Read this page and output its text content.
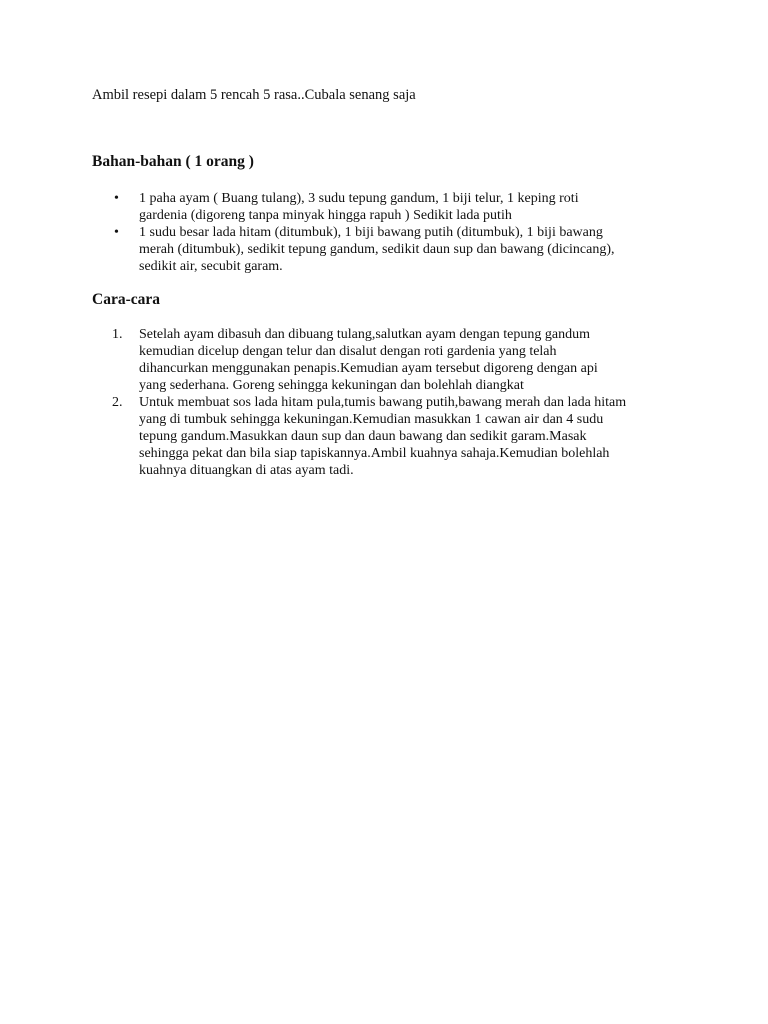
Ambil resepi dalam 5 rencah 5 rasa..Cubala senang saja
Bahan-bahan ( 1 orang )
• 1 paha ayam ( Buang tulang), 3 sudu tepung gandum, 1 biji telur, 1 keping roti
gardenia (digoreng tanpa minyak hingga rapuh ) Sedikit lada putih
• 1 sudu besar lada hitam (ditumbuk), 1 biji bawang putih (ditumbuk), 1 biji bawang
merah (ditumbuk), sedikit tepung gandum, sedikit daun sup dan bawang (dicincang),
sedikit air, secubit garam.
Cara-cara
1. Setelah ayam dibasuh dan dibuang tulang,salutkan ayam dengan tepung gandum
kemudian dicelup dengan telur dan disalut dengan roti gardenia yang telah
dihancurkan menggunakan penapis.Kemudian ayam tersebut digoreng dengan api
yang sederhana. Goreng sehingga kekuningan dan bolehlah diangkat
2. Untuk membuat sos lada hitam pula,tumis bawang putih,bawang merah dan lada hitam
yang di tumbuk sehingga kekuningan.Kemudian masukkan 1 cawan air dan 4 sudu
tepung gandum.Masukkan daun sup dan daun bawang dan sedikit garam.Masak
sehingga pekat dan bila siap tapiskannya.Ambil kuahnya sahaja.Kemudian bolehlah
kuahnya dituangkan di atas ayam tadi.
